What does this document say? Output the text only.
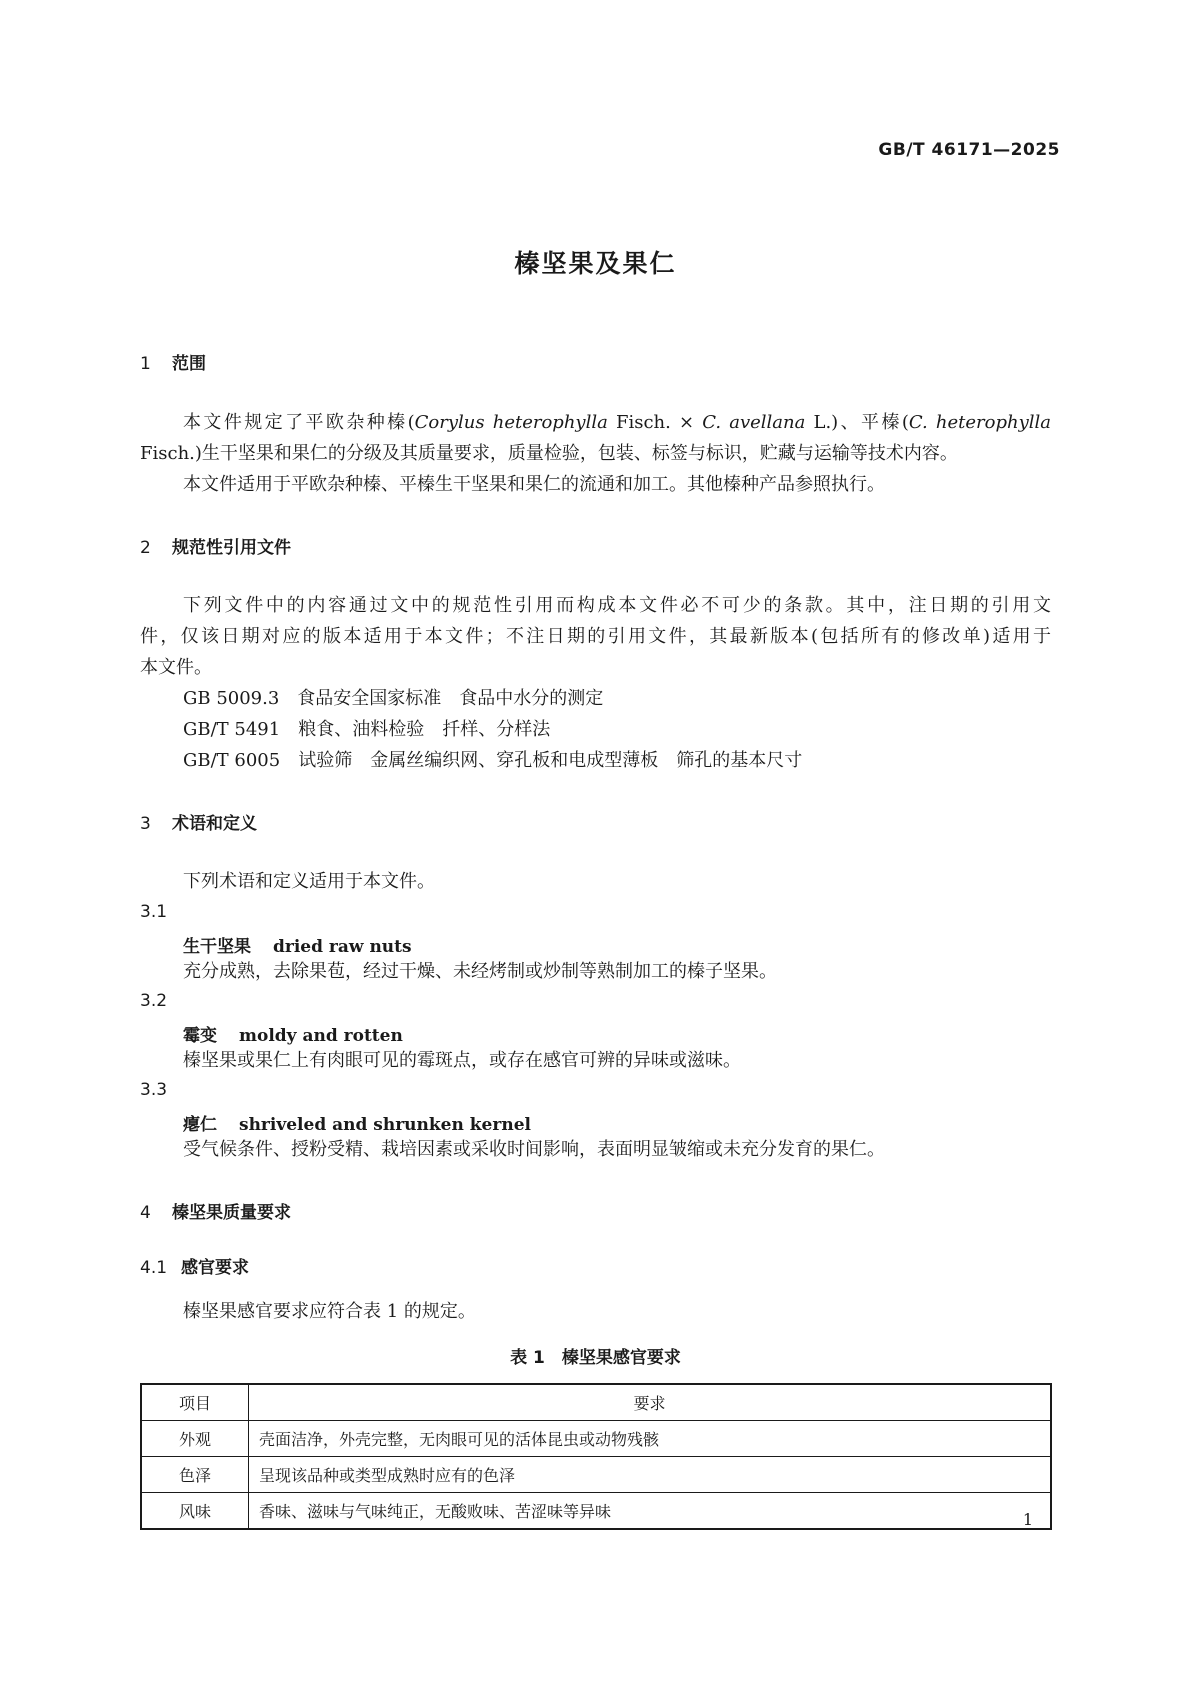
GB/T 46171—2025
榛坚果及果仁
1 范围
本文件规定了平欧杂种榛(Corylus heterophylla Fisch. × C. avellana L.)、平榛(C. heterophylla
Fisch.)生干坚果和果仁的分级及其质量要求，质量检验，包装、标签与标识，贮藏与运输等技术内容。
本文件适用于平欧杂种榛、平榛生干坚果和果仁的流通和加工。其他榛种产品参照执行。
2 规范性引用文件
下列文件中的内容通过文中的规范性引用而构成本文件必不可少的条款。其中，注日期的引用文
件，仅该日期对应的版本适用于本文件；不注日期的引用文件，其最新版本(包括所有的修改单)适用于
本文件。
GB 5009.3　食品安全国家标准　食品中水分的测定
GB/T 5491　粮食、油料检验　扦样、分样法
GB/T 6005　试验筛　金属丝编织网、穿孔板和电成型薄板　筛孔的基本尺寸
3 术语和定义
下列术语和定义适用于本文件。
3.1
生干坚果 dried raw nuts
充分成熟，去除果苞，经过干燥、未经烤制或炒制等熟制加工的榛子坚果。
3.2
霉变 moldy and rotten
榛坚果或果仁上有肉眼可见的霉斑点，或存在感官可辨的异味或滋味。
3.3
瘪仁 shriveled and shrunken kernel
受气候条件、授粉受精、栽培因素或采收时间影响，表面明显皱缩或未充分发育的果仁。
4 榛坚果质量要求
4.1 感官要求
榛坚果感官要求应符合表 1 的规定。
表 1　榛坚果感官要求
项目	要求
外观	壳面洁净，外壳完整，无肉眼可见的活体昆虫或动物残骸
色泽	呈现该品种或类型成熟时应有的色泽
风味	香味、滋味与气味纯正，无酸败味、苦涩味等异味	1
